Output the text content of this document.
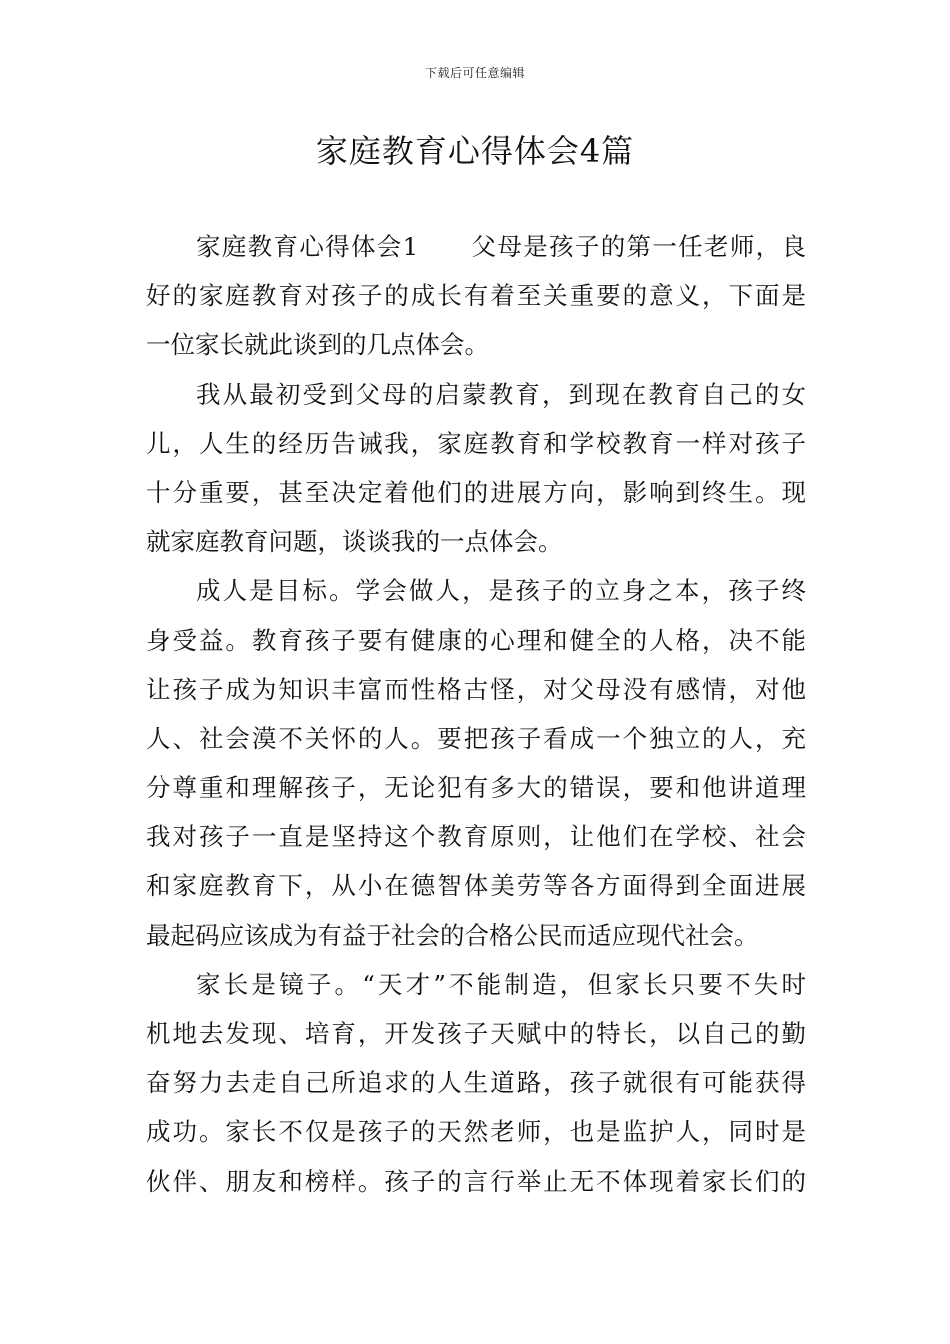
下载后可任意编辑
家庭教育心得体会4篇
家庭教育心得体会1 父母是孩子的第一任老师，良
好的家庭教育对孩子的成长有着至关重要的意义，下面是
一位家长就此谈到的几点体会。
我从最初受到父母的启蒙教育，到现在教育自己的女
儿，人生的经历告诫我，家庭教育和学校教育一样对孩子
十分重要，甚至决定着他们的进展方向，影响到终生。现
就家庭教育问题，谈谈我的一点体会。
成人是目标。学会做人，是孩子的立身之本，孩子终
身受益。教育孩子要有健康的心理和健全的人格，决不能
让孩子成为知识丰富而性格古怪，对父母没有感情，对他
人、社会漠不关怀的人。要把孩子看成一个独立的人，充
分尊重和理解孩子，无论犯有多大的错误，要和他讲道理
我对孩子一直是坚持这个教育原则，让他们在学校、社会
和家庭教育下，从小在德智体美劳等各方面得到全面进展
最起码应该成为有益于社会的合格公民而适应现代社会。
家长是镜子。“天才”不能制造，但家长只要不失时
机地去发现、培育，开发孩子天赋中的特长，以自己的勤
奋努力去走自己所追求的人生道路，孩子就很有可能获得
成功。家长不仅是孩子的天然老师，也是监护人，同时是
伙伴、朋友和榜样。孩子的言行举止无不体现着家长们的
